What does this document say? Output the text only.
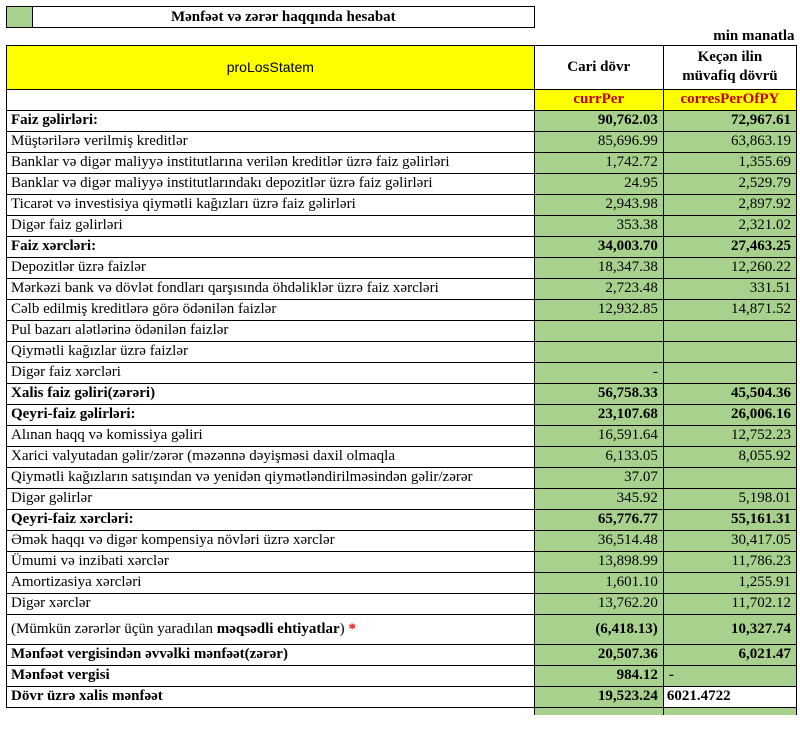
	Mənfəət və zərər haqqında hesabat		
			min manatla
proLosStatem		Cari dövr	Keçən ilin
müvafiq dövrü

		currPer	corresPerOfPY
Faiz gəlirləri:		90,762.03	72,967.61
Müştərilərə verilmiş kreditlər		85,696.99	63,863.19
Banklar və digər maliyyə institutlarına verilən kreditlər üzrə faiz gəlirləri		1,742.72	1,355.69
Banklar və digər maliyyə institutlarındakı depozitlər üzrə faiz gəlirləri		24.95	2,529.79
Ticarət və investisiya qiymətli kağızları üzrə faiz gəlirləri		2,943.98	2,897.92
Digər faiz gəlirləri		353.38	2,321.02
Faiz xərcləri:		34,003.70	27,463.25
Depozitlər üzrə faizlər		18,347.38	12,260.22
Mərkəzi bank və dövlət fondları qarşısında öhdəliklər üzrə faiz xərcləri		2,723.48	331.51
Cəlb edilmiş kreditlərə görə ödənilən faizlər		12,932.85	14,871.52
Pul bazarı alətlərinə ödənilən faizlər			
Qiymətli kağızlar üzrə faizlər			
Digər faiz xərcləri		-	
Xalis faiz gəliri(zərəri)		56,758.33	45,504.36
Qeyri-faiz gəlirləri:		23,107.68	26,006.16
Alınan haqq və komissiya gəliri		16,591.64	12,752.23
Xarici valyutadan gəlir/zərər (məzənnə dəyişməsi daxil olmaqla		6,133.05	8,055.92
Qiymətli kağızların satışından və yenidən qiymətləndirilməsindən gəlir/zərər		37.07	
Digər gəlirlər		345.92	5,198.01
Qeyri-faiz xərcləri:		65,776.77	55,161.31
Əmək haqqı və digər kompensiya növləri üzrə xərclər		36,514.48	30,417.05
Ümumi və inzibati xərclər		13,898.99	11,786.23
Amortizasiya xərcləri		1,601.10	1,255.91
Digər xərclər		13,762.20	11,702.12
(Mümkün zərərlər üçün yaradılan məqsədli ehtiyatlar) *		(6,418.13)	10,327.74
Mənfəət vergisindən əvvəlki mənfəət(zərər)		20,507.36	6,021.47
Mənfəət vergisi		984.12	-
Dövr üzrə xalis mənfəət		19,523.24	6021.4722
